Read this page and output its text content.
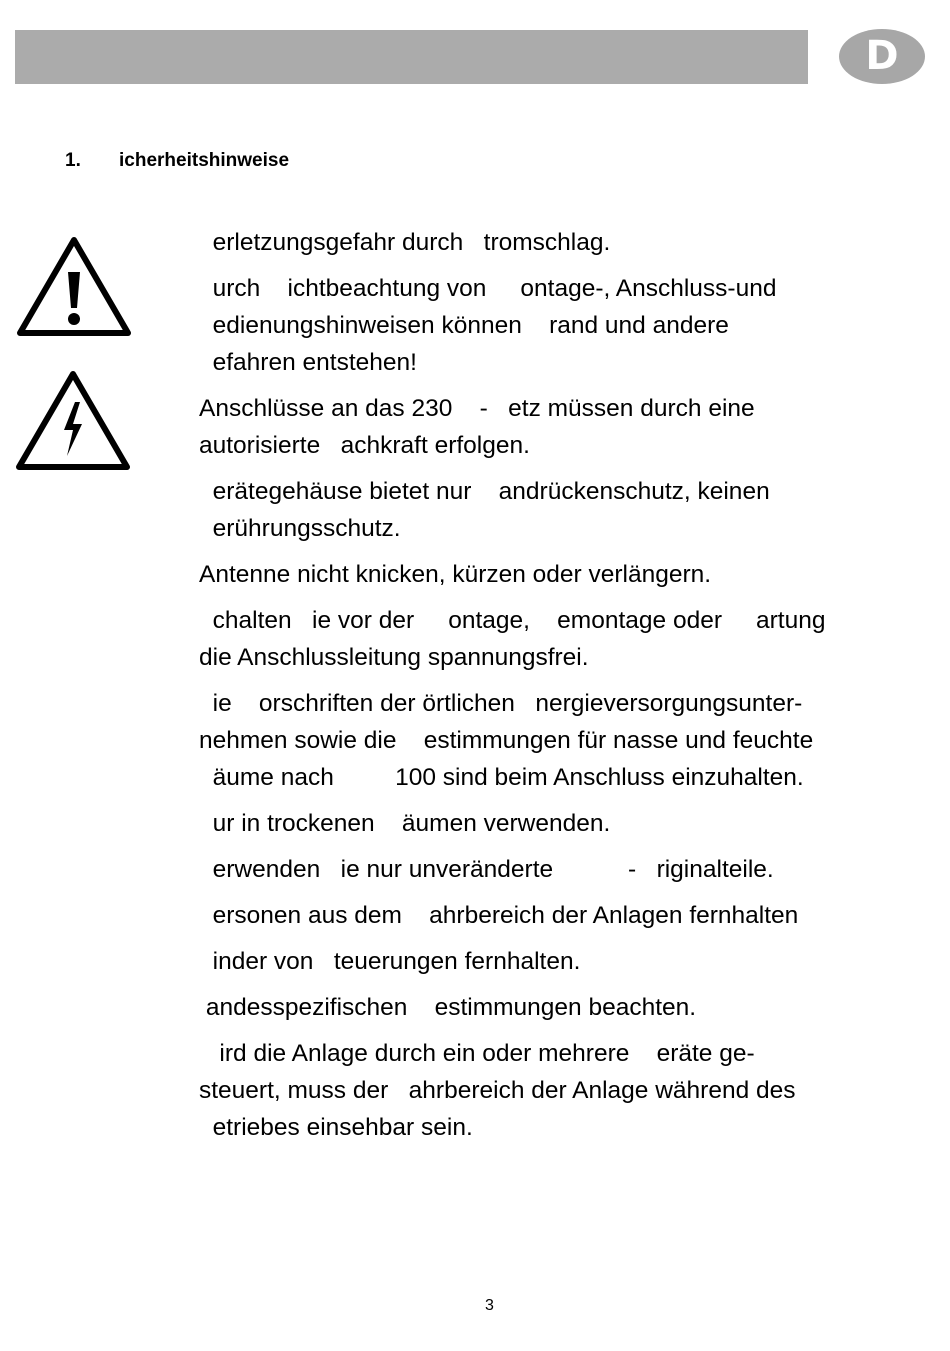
D
1. icherheitshinweise

erletzungsgefahr durch   tromschlag.

urch    ichtbeachtung von     ontage-, Anschluss-und
edienungshinweisen können    rand und andere
efahren entstehen!

Anschlüsse an das 230    -   etz müssen durch eine
autorisierte   achkraft erfolgen.

erätegehäuse bietet nur    andrückenschutz, keinen
erührungsschutz.

Antenne nicht knicken, kürzen oder verlängern.

chalten   ie vor der     ontage,    emontage oder     artung
die Anschlussleitung spannungsfrei.

ie    orschriften der örtlichen   nergieversorgungsunter-
nehmen sowie die    estimmungen für nasse und feuchte
äume nach         100 sind beim Anschluss einzuhalten.

ur in trockenen    äumen verwenden.

erwenden   ie nur unveränderte           -   riginalteile.

ersonen aus dem    ahrbereich der Anlagen fernhalten

inder von   teuerungen fernhalten.

andesspezifischen    estimmungen beachten.

ird die Anlage durch ein oder mehrere    eräte ge-
steuert, muss der   ahrbereich der Anlage während des
etriebes einsehbar sein.

3
